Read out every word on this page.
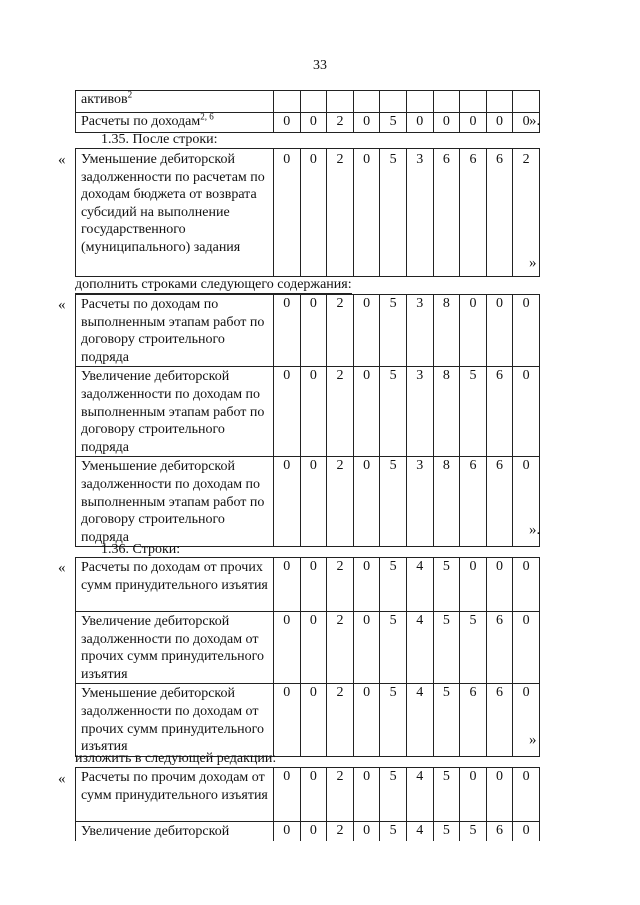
33
активов$^2$										
Расчеты по доходам$^{2, 6}$	0	0	2	0	5	0	0	0	0	0 ».
1.35. После строки:
« Уменьшение дебиторской задолженности по расчетам по доходам бюджета от возврата субсидий на выполнение государственного (муниципального) задания	0	0	2	0	5	3	6	6	6	2
»
дополнить строками следующего содержания:
« Расчеты по доходам по выполненным этапам работ по договору строительного подряда	0	0	2	0	5	3	8	0	0	0
Увеличение дебиторской задолженности по доходам по выполненным этапам работ по договору строительного подряда	0	0	2	0	5	3	8	5	6	0
Уменьшение дебиторской задолженности по доходам по выполненным этапам работ по договору строительного подряда	0	0	2	0	5	3	8	6	6	0
».
1.36. Строки:
« Расчеты по доходам от прочих сумм принудительного изъятия	0	0	2	0	5	4	5	0	0	0
Увеличение дебиторской задолженности по доходам от прочих сумм принудительного изъятия	0	0	2	0	5	4	5	5	6	0
Уменьшение дебиторской задолженности по доходам от прочих сумм принудительного изъятия	0	0	2	0	5	4	5	6	6	0
»
изложить в следующей редакции:
« Расчеты по прочим доходам от сумм принудительного изъятия	0	0	2	0	5	4	5	0	0	0
Увеличение дебиторской	0	0	2	0	5	4	5	5	6	0
